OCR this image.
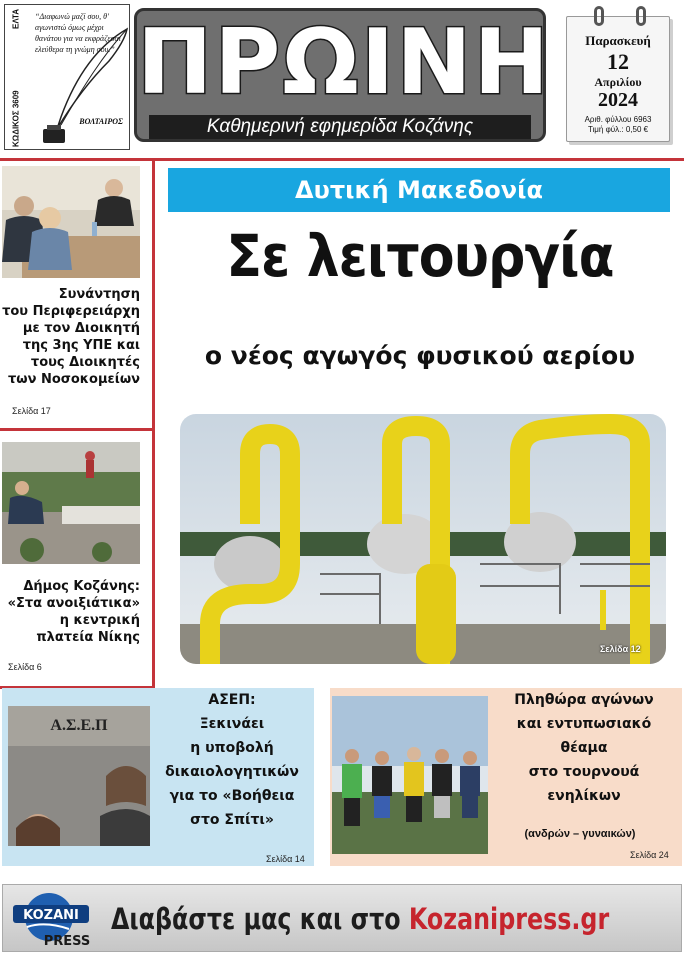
ΚΩΔΙΚΟΣ 3609
ΕΛΤΑ “Διαφωνώ μαζί σου, θ' αγωνιστώ όμως μέχρι θανάτου για να εκφράζεσαι ελεύθερα τη γνώμη σου.”
ΒΟΛΤΑΙΡΟΣ
ΠΡΩΙΝΗ
Καθημερινή εφημερίδα Κοζάνης
Παρασκευή
12
Απριλίου
2024
Αριθ. φύλλου 6963
Τιμή φύλ.: 0,50 €
Συνάντηση
του Περιφερειάρχη
με τον Διοικητή
της 3ης ΥΠΕ και
τους Διοικητές
των Νοσοκομείων
Σελίδα 17
Δήμος Κοζάνης:
«Στα ανοιξιάτικα»
η κεντρική
πλατεία Νίκης
Σελίδα 6
Δυτική Μακεδονία
Σε λειτουργία
ο νέος αγωγός φυσικού αερίου
Σελίδα 12
Α.Σ.Ε.Π
ΑΣΕΠ:
Ξεκινάει
η υποβολή
δικαιολογητικών
για το «Βοήθεια
στο Σπίτι»
Σελίδα 14
Πληθώρα αγώνων
και εντυπωσιακό
θέαμα
στο τουρνουά
ενηλίκων
(ανδρών – γυναικών)
Σελίδα 24
KOZANI
PRESS
Διαβάστε μας και στο Kozanipress.gr
